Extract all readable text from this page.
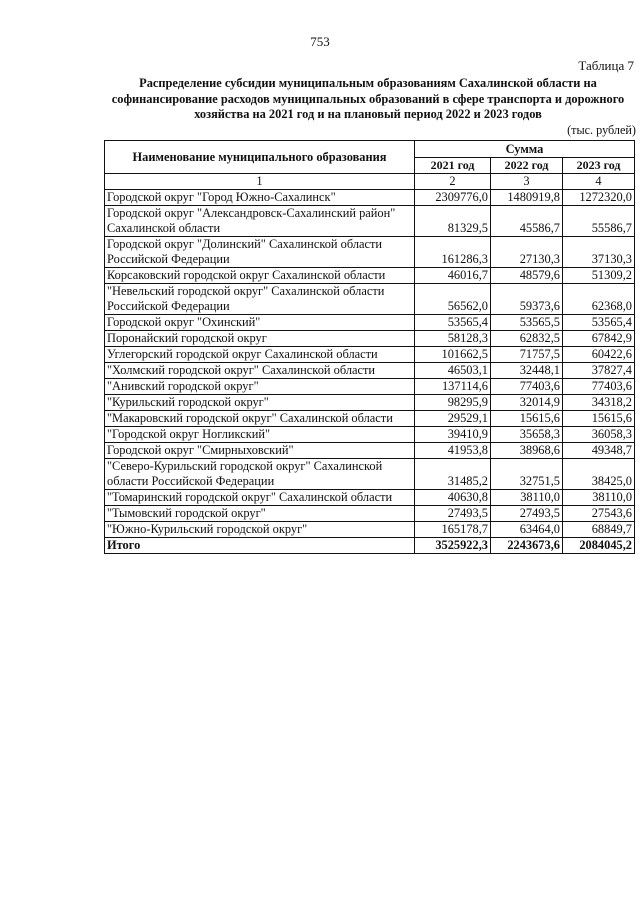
753
Таблица 7
Распределение субсидии муниципальным образованиям Сахалинской области на софинансирование расходов муниципальных образований в сфере транспорта и дорожного хозяйства на 2021 год и на плановый период 2022 и 2023 годов
(тыс. рублей)
Наименование муниципального образования	Сумма		
	2021 год	2022 год	2023 год
1	2	3	4
Городской округ "Город Южно-Сахалинск"	2309776,0	1480919,8	1272320,0
Городской округ "Александровск-Сахалинский район" Сахалинской области	81329,5	45586,7	55586,7
Городской округ "Долинский" Сахалинской области Российской Федерации	161286,3	27130,3	37130,3
Корсаковский городской округ Сахалинской области	46016,7	48579,6	51309,2
"Невельский городской округ" Сахалинской области Российской Федерации	56562,0	59373,6	62368,0
Городской округ "Охинский"	53565,4	53565,5	53565,4
Поронайский городской округ	58128,3	62832,5	67842,9
Углегорский городской округ Сахалинской области	101662,5	71757,5	60422,6
"Холмский городской округ" Сахалинской области	46503,1	32448,1	37827,4
"Анивский городской округ"	137114,6	77403,6	77403,6
"Курильский городской округ"	98295,9	32014,9	34318,2
"Макаровский городской округ" Сахалинской области	29529,1	15615,6	15615,6
"Городской округ Ногликский"	39410,9	35658,3	36058,3
Городской округ "Смирныховский"	41953,8	38968,6	49348,7
"Северо-Курильский городской округ" Сахалинской области Российской Федерации	31485,2	32751,5	38425,0
"Томаринский городской округ" Сахалинской области	40630,8	38110,0	38110,0
"Тымовский городской округ"	27493,5	27493,5	27543,6
"Южно-Курильский городской округ"	165178,7	63464,0	68849,7
Итого	3525922,3	2243673,6	2084045,2
